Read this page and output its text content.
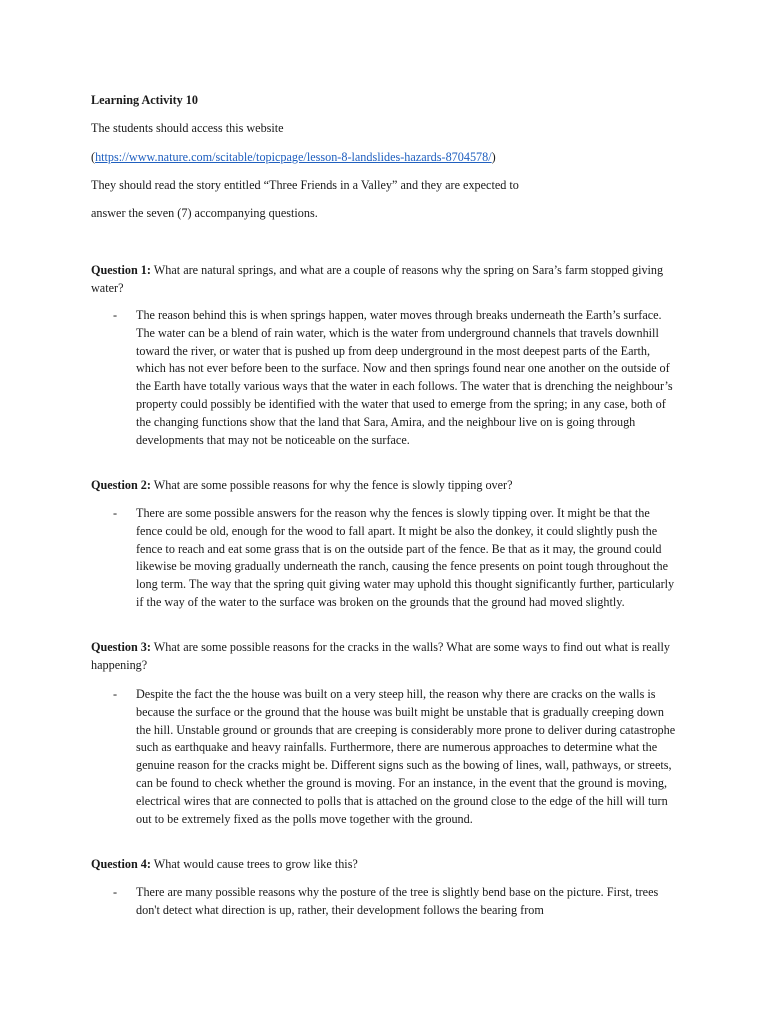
Learning Activity 10

The students should access this website

(https://www.nature.com/scitable/topicpage/lesson-8-landslides-hazards-8704578/)

They should read the story entitled “Three Friends in a Valley” and they are expected to

answer the seven (7) accompanying questions.

Question 1: What are natural springs, and what are a couple of reasons why the spring on Sara’s farm stopped giving water?

-	The reason behind this is when springs happen, water moves through breaks underneath the Earth’s surface. The water can be a blend of rain water, which is the water from underground channels that travels downhill toward the river, or water that is pushed up from deep underground in the most deepest parts of the Earth, which has not ever before been to the surface. Now and then springs found near one another on the outside of the Earth have totally various ways that the water in each follows. The water that is drenching the neighbour’s property could possibly be identified with the water that used to emerge from the spring; in any case, both of the changing functions show that the land that Sara, Amira, and the neighbour live on is going through developments that may not be noticeable on the surface.

Question 2: What are some possible reasons for why the fence is slowly tipping over?

-	There are some possible answers for the reason why the fences is slowly tipping over. It might be that the fence could be old, enough for the wood to fall apart. It might be also the donkey, it could slightly push the fence to reach and eat some grass that is on the outside part of the fence. Be that as it may, the ground could likewise be moving gradually underneath the ranch, causing the fence presents on point tough throughout the long term. The way that the spring quit giving water may uphold this thought significantly further, particularly if the way of the water to the surface was broken on the grounds that the ground had moved slightly.

Question 3: What are some possible reasons for the cracks in the walls? What are some ways to find out what is really happening?

-	Despite the fact the the house was built on a very steep hill, the reason why there are cracks on the walls is because the surface or the ground that the house was built might be unstable that is gradually creeping down the hill. Unstable ground or grounds that are creeping is considerably more prone to deliver during catastrophe such as earthquake and heavy rainfalls. Furthermore, there are numerous approaches to determine what the genuine reason for the cracks might be. Different signs such as the bowing of lines, wall, pathways, or streets, can be found to check whether the ground is moving. For an instance, in the event that the ground is moving, electrical wires that are connected to polls that is attached on the ground close to the edge of the hill will turn out to be extremely fixed as the polls move together with the ground.

Question 4: What would cause trees to grow like this?

-	There are many possible reasons why the posture of the tree is slightly bend base on the picture. First, trees don't detect what direction is up, rather, their development follows the bearing from
